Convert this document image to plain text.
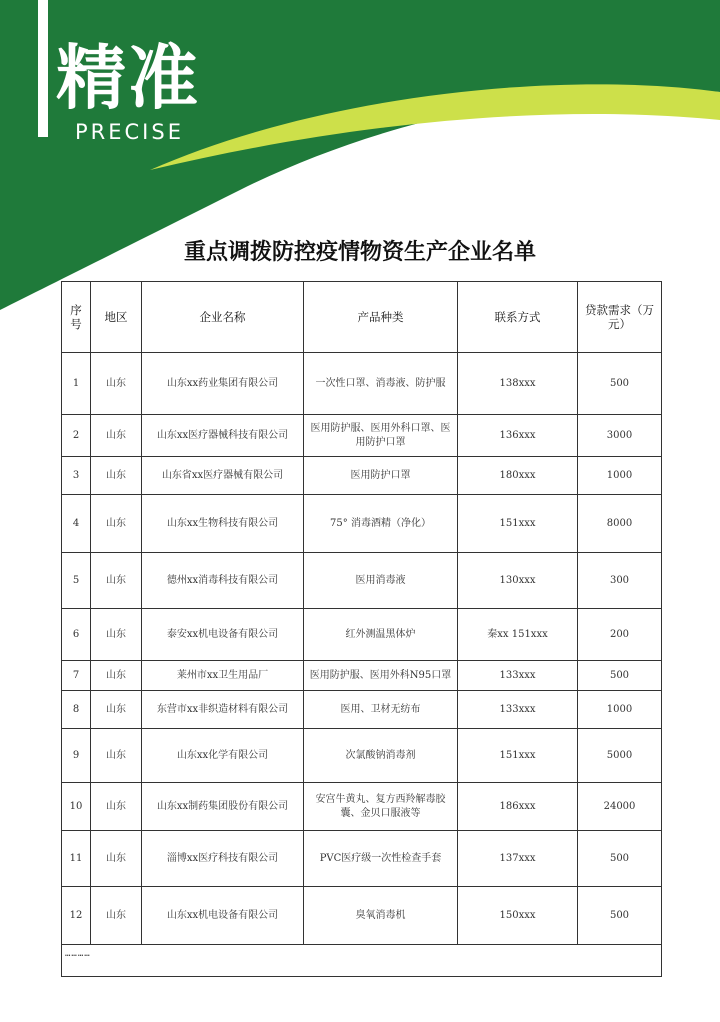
精准
PRECISE
重点调拨防控疫情物资生产企业名单
序号	地区	企业名称	产品种类	联系方式	贷款需求（万元）
1	山东	山东xx药业集团有限公司	一次性口罩、消毒液、防护服	138xxx	500
2	山东	山东xx医疗器械科技有限公司	医用防护服、医用外科口罩、医用防护口罩	136xxx	3000
3	山东	山东省xx医疗器械有限公司	医用防护口罩	180xxx	1000
4	山东	山东xx生物科技有限公司	75° 消毒酒精（净化）	151xxx	8000
5	山东	德州xx消毒科技有限公司	医用消毒液	130xxx	300
6	山东	泰安xx机电设备有限公司	红外测温黑体炉	秦xx 151xxx	200
7	山东	莱州市xx卫生用品厂	医用防护服、医用外科N95口罩	133xxx	500
8	山东	东营市xx非织造材料有限公司	医用、卫材无纺布	133xxx	1000
9	山东	山东xx化学有限公司	次氯酸钠消毒剂	151xxx	5000
10	山东	山东xx制药集团股份有限公司	安宫牛黄丸、复方西羚解毒胶囊、金贝口服液等	186xxx	24000
11	山东	淄博xx医疗科技有限公司	PVC医疗级一次性检查手套	137xxx	500
12	山东	山东xx机电设备有限公司	臭氧消毒机	150xxx	500
…………					
